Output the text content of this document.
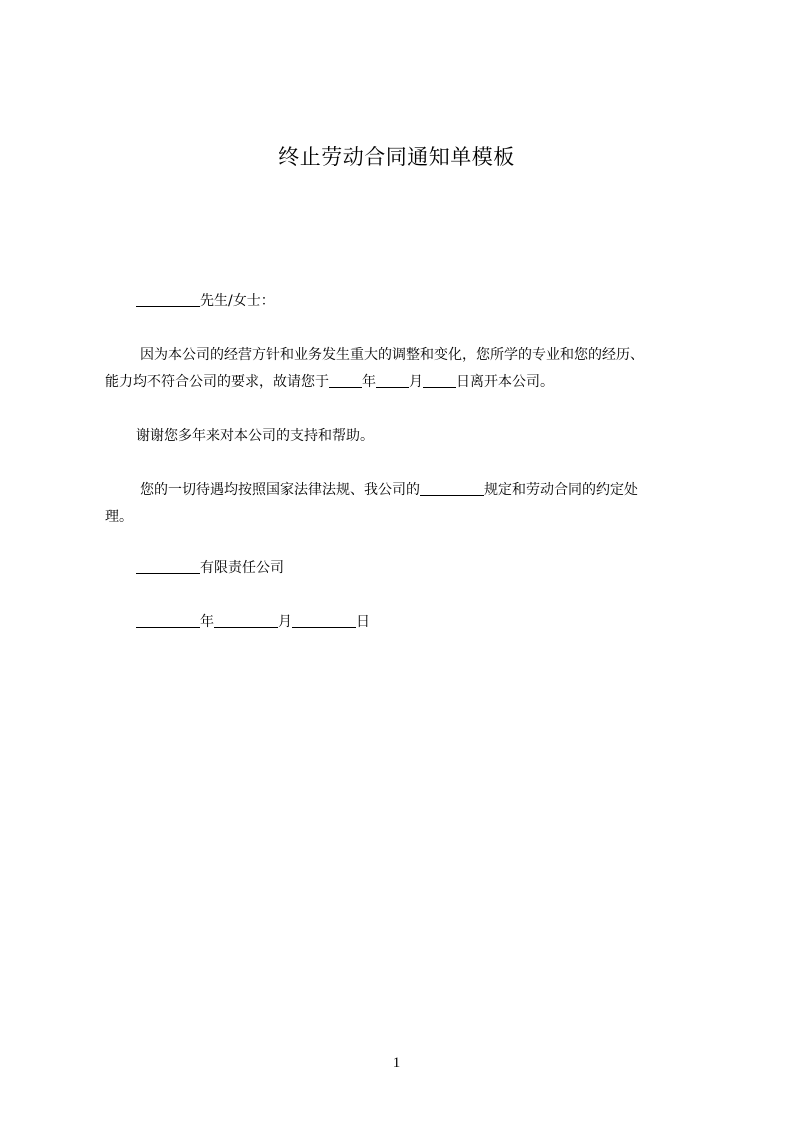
终止劳动合同通知单模板
先生/女士：
因为本公司的经营方针和业务发生重大的调整和变化，您所学的专业和您的经历、
能力均不符合公司的要求，故请您于 年 月 日离开本公司。
谢谢您多年来对本公司的支持和帮助。
您的一切待遇均按照国家法律法规、我公司的	规定和劳动合同的约定处
理。
有限责任公司
年	月	日
1
